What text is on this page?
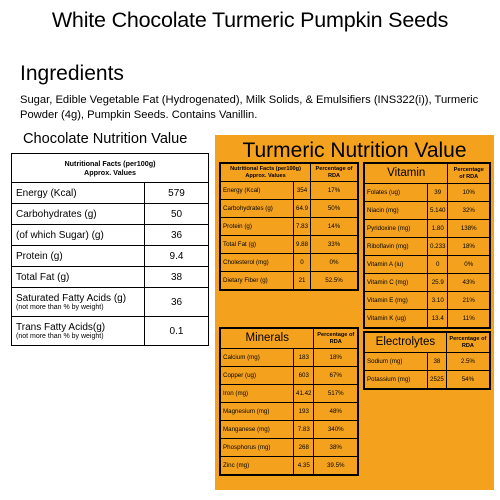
White Chocolate Turmeric Pumpkin Seeds
Ingredients
Sugar, Edible Vegetable Fat (Hydrogenated), Milk Solids, & Emulsifiers (INS322(i)), Turmeric Powder (4g), Pumpkin Seeds. Contains Vanillin.
Chocolate Nutrition Value
Nutritional Facts (per100g)
Approx. Values	
Energy (Kcal)	579
Carbohydrates (g)	50
(of which Sugar) (g)	36
Protein (g)	9.4
Total Fat (g)	38
Saturated Fatty Acids (g)
(not more than % by weight)	36
Trans Fatty Acids(g)
(not more than % by weight)	0.1
Turmeric Nutrition Value
Nutritional Facts (per100g)
Approx. Values		Percentage of RDA
Energy (Kcal)	354	17%
Carbohydrates (g)	64.9	50%
Protein (g)	7.83	14%
Total Fat (g)	9.88	33%
Cholesterol (mg)	0	0%
Dietary Fiber (g)	21	52.5%
Vitamin		Percentage of RDA
Folates (ug)	39	10%
Niacin (mg)	5.140	32%
Pyridoxine (mg)	1.80	138%
Riboflavin (mg)	0.233	18%
Vitamin A (iu)	0	0%
Vitamin C (mg)	25.9	43%
Vitamin E (mg)	3.10	21%
Vitamin K (ug)	13.4	11%
Minerals		Percentage of RDA
Calcium (mg)	183	18%
Copper (ug)	603	67%
Iron (mg)	41.42	517%
Magnesium (mg)	193	48%
Manganese (mg)	7.83	340%
Phosphorus (mg)	268	38%
Zinc (mg)	4.35	39.5%
Electrolytes		Percentage of RDA
Sodium (mg)	38	2.5%
Potassium (mg)	2525	54%
